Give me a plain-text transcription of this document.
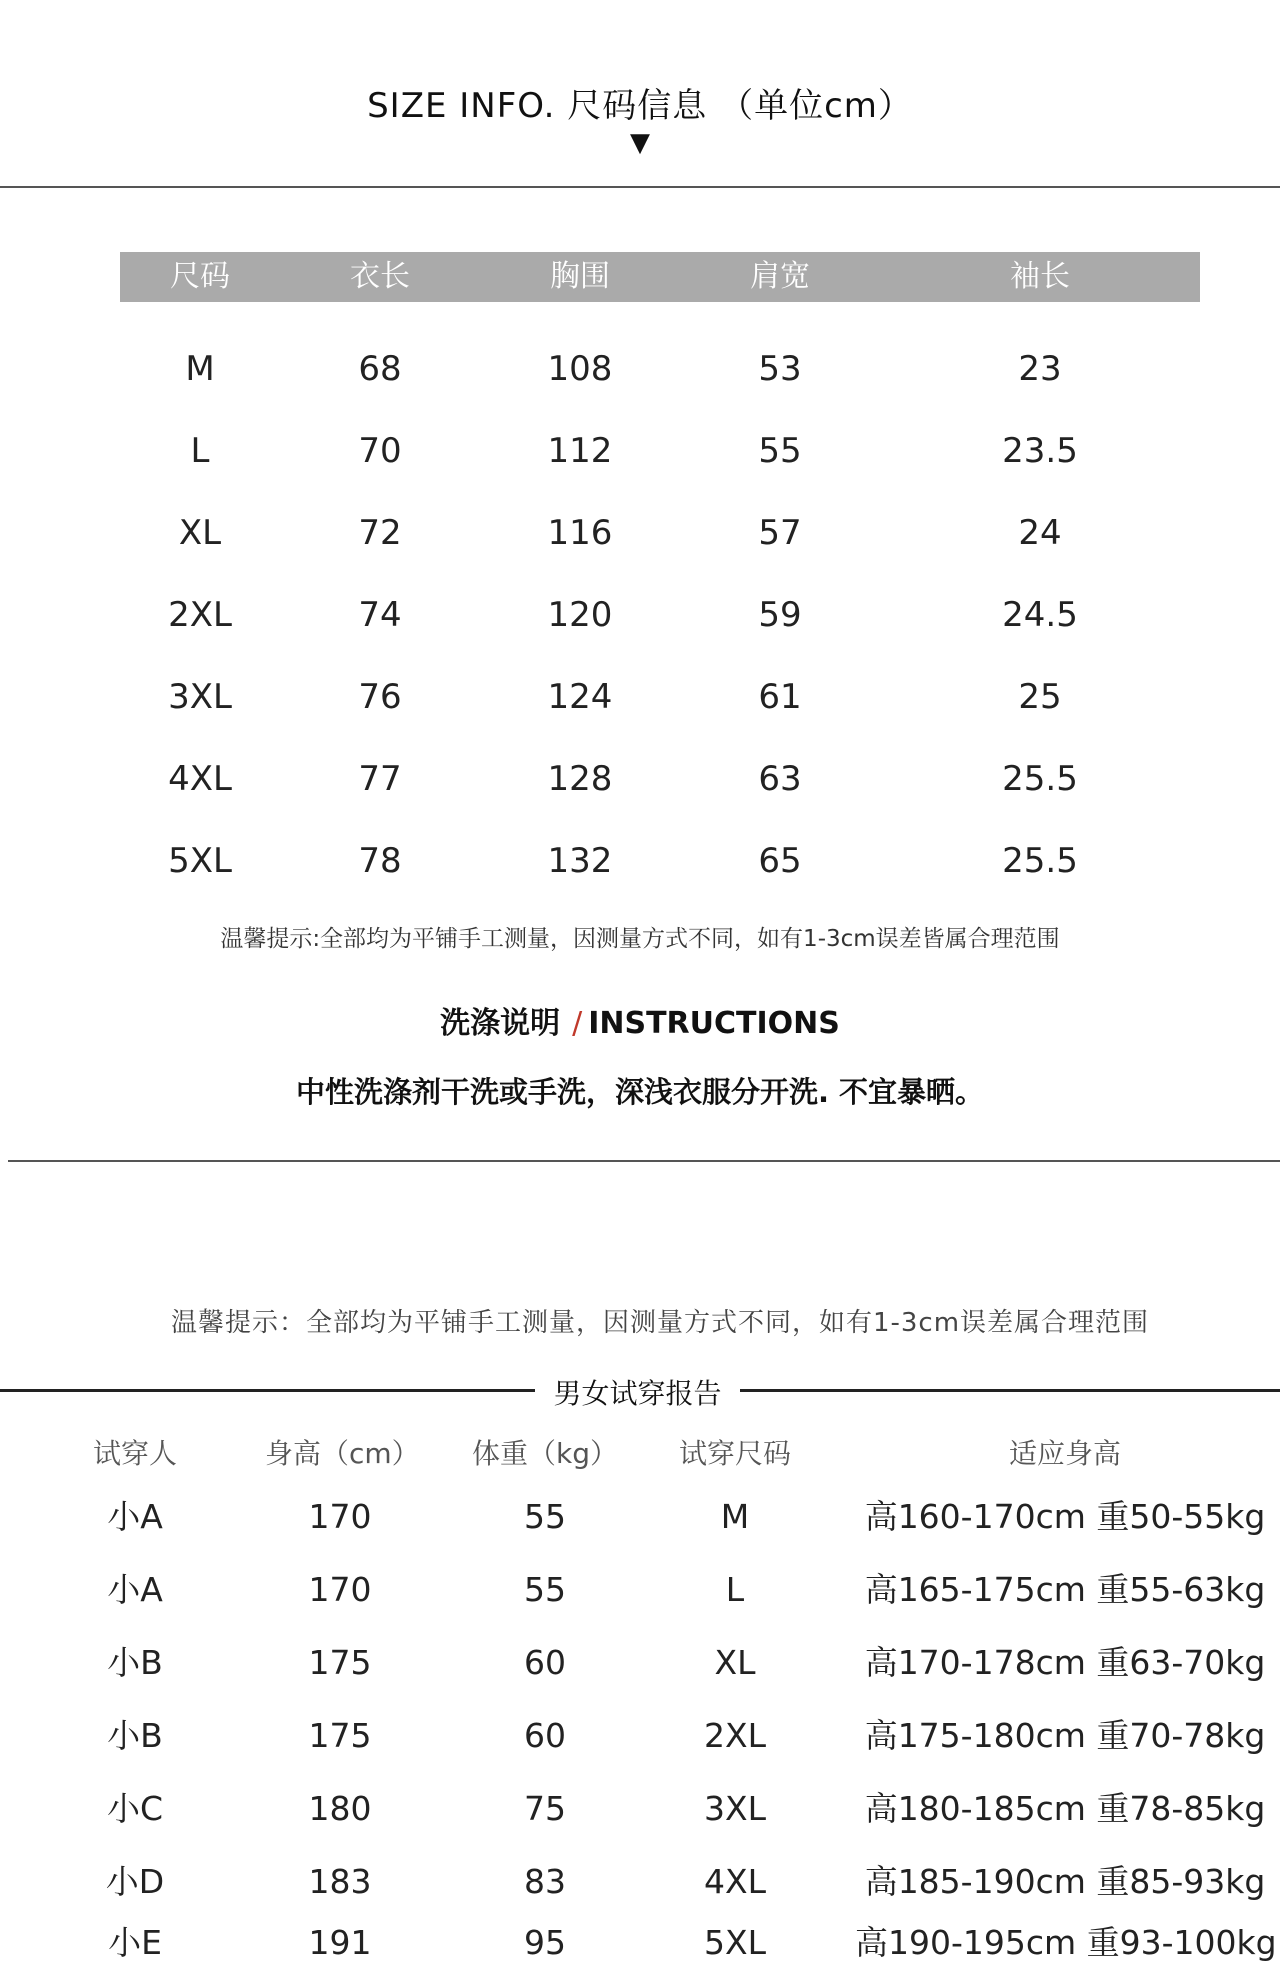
SIZE INFO. 尺码信息 （单位cm）
▼
尺码	衣长	胸围	肩宽	袖长
M	68	108	53	23
L	70	112	55	23.5
XL	72	116	57	24
2XL	74	120	59	24.5
3XL	76	124	61	25
4XL	77	128	63	25.5
5XL	78	132	65	25.5
温馨提示:全部均为平铺手工测量，因测量方式不同，如有1-3cm误差皆属合理范围
洗涤说明 / INSTRUCTIONS
中性洗涤剂干洗或手洗，深浅衣服分开洗. 不宜暴晒。
温馨提示：全部均为平铺手工测量，因测量方式不同，如有1-3cm误差属合理范围
男女试穿报告
试穿人	身高（cm） 体重（kg）	试穿尺码	适应身高
小A	170	55	M	高160-170cm 重50-55kg
小A	170	55	L	高165-175cm 重55-63kg
小B	175	60	XL	高170-178cm 重63-70kg
小B	175	60	2XL	高175-180cm 重70-78kg
小C	180	75	3XL	高180-185cm 重78-85kg
小D	183	83	4XL	高185-190cm 重85-93kg
小E	191	95	5XL	高190-195cm 重93-100kg
